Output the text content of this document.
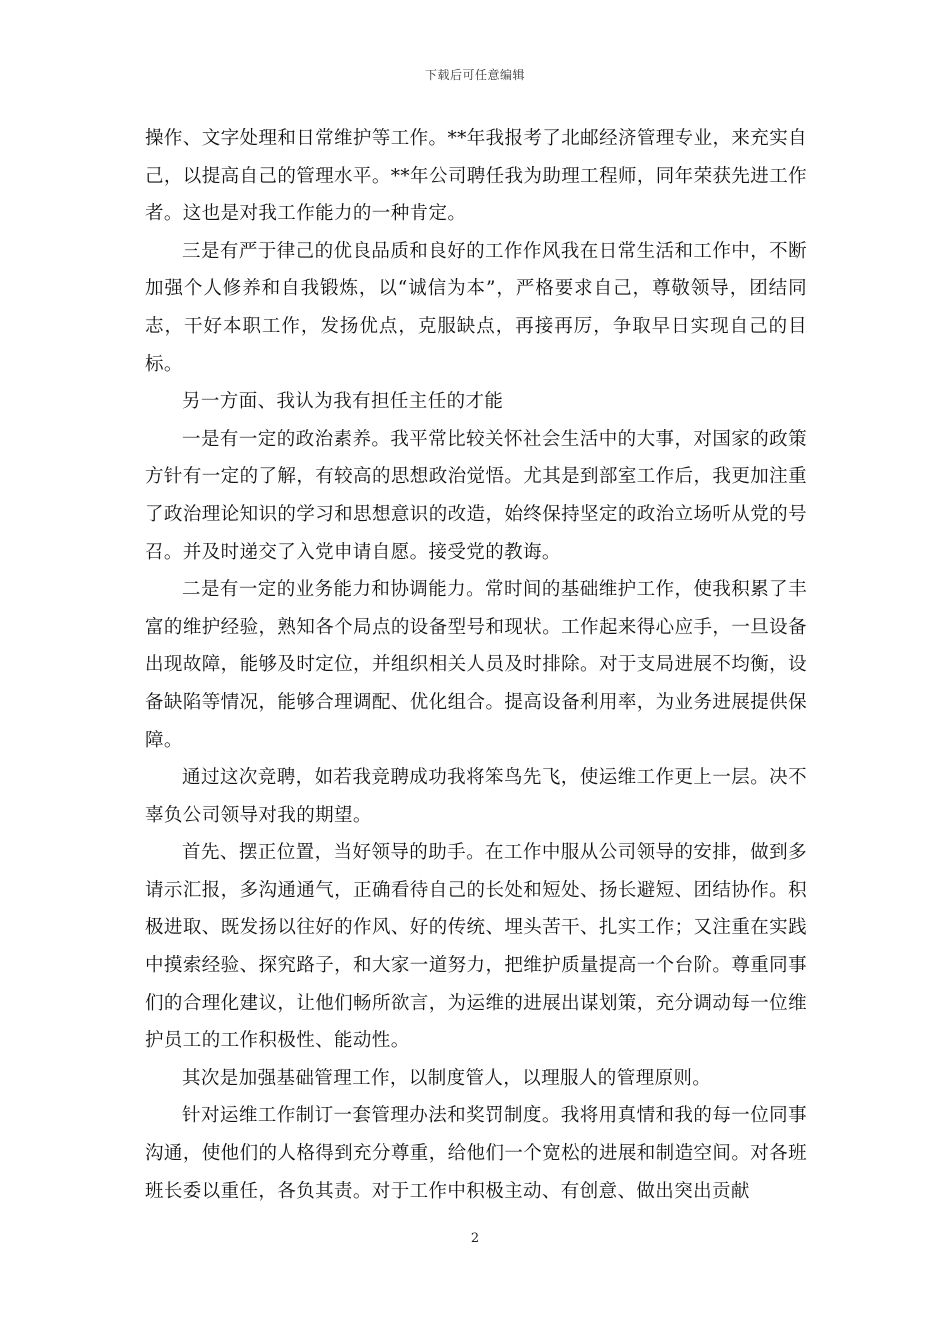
下载后可任意编辑

操作、文字处理和日常维护等工作。**年我报考了北邮经济管理专业，来充实自己，以提高自己的管理水平。**年公司聘任我为助理工程师，同年荣获先进工作者。这也是对我工作能力的一种肯定。

三是有严于律己的优良品质和良好的工作作风我在日常生活和工作中，不断加强个人修养和自我锻炼，以“诚信为本”，严格要求自己，尊敬领导，团结同志，干好本职工作，发扬优点，克服缺点，再接再厉，争取早日实现自己的目标。

另一方面、我认为我有担任主任的才能

一是有一定的政治素养。我平常比较关怀社会生活中的大事，对国家的政策方针有一定的了解，有较高的思想政治觉悟。尤其是到部室工作后，我更加注重了政治理论知识的学习和思想意识的改造，始终保持坚定的政治立场听从党的号召。并及时递交了入党申请自愿。接受党的教诲。

二是有一定的业务能力和协调能力。常时间的基础维护工作，使我积累了丰富的维护经验，熟知各个局点的设备型号和现状。工作起来得心应手，一旦设备出现故障，能够及时定位，并组织相关人员及时排除。对于支局进展不均衡，设备缺陷等情况，能够合理调配、优化组合。提高设备利用率，为业务进展提供保障。

通过这次竞聘，如若我竞聘成功我将笨鸟先飞，使运维工作更上一层。决不辜负公司领导对我的期望。

首先、摆正位置，当好领导的助手。在工作中服从公司领导的安排，做到多请示汇报，多沟通通气，正确看待自己的长处和短处、扬长避短、团结协作。积极进取、既发扬以往好的作风、好的传统、埋头苦干、扎实工作；又注重在实践中摸索经验、探究路子，和大家一道努力，把维护质量提高一个台阶。尊重同事们的合理化建议，让他们畅所欲言，为运维的进展出谋划策，充分调动每一位维护员工的工作积极性、能动性。

其次是加强基础管理工作，以制度管人，以理服人的管理原则。

针对运维工作制订一套管理办法和奖罚制度。我将用真情和我的每一位同事沟通，使他们的人格得到充分尊重，给他们一个宽松的进展和制造空间。对各班班长委以重任，各负其责。对于工作中积极主动、有创意、做出突出贡献

2
